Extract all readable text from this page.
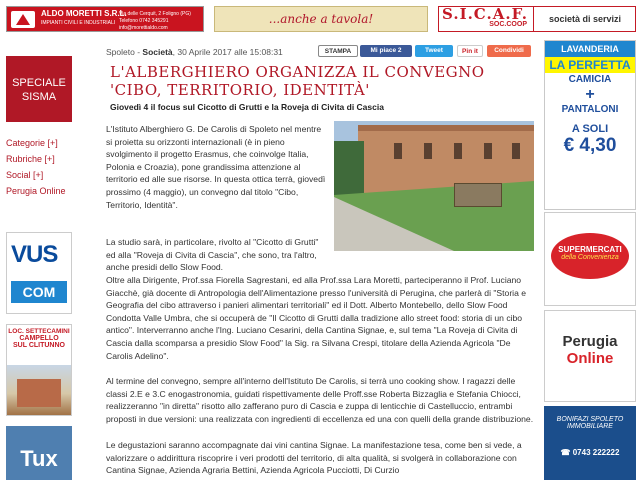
ALDO MORETTI S.R.L.
IMPIANTI CIVILI E INDUSTRIALI
Via delle Cerquit, 2 Foligno (PG)
Telefono 0742 345291
info@morettialdo.com
...anche a tavola!	S.I.C.A.F.
SOC.COOP
società di servizi
SPECIALE SISMA
Categorie [+]
Rubriche [+]
Social [+]
Perugia Online
VUS
COM
LOC. SETTECAMINI
CAMPELLO
SUL CLITUNNO
Tux
Spoleto - Società, 30 Aprile 2017 alle 15:08:31	STAMPA	Mi piace 2	Tweet	Pin it	Condividi
L'ALBERGHIERO ORGANIZZA IL CONVEGNO 'CIBO, TERRITORIO, IDENTITÀ'
Giovedì 4 il focus sul Cicotto di Grutti e la Roveja di Civita di Cascia
L'Istituto Alberghiero G. De Carolis di Spoleto nel mentre si proietta su orizzonti internazionali (è in pieno svolgimento il progetto Erasmus, che coinvolge Italia, Polonia e Croazia), pone grandissima attenzione al territorio ed alle sue risorse. In questa ottica terrà, giovedì prossimo (4 maggio), un convegno dal titolo "Cibo, Territorio, Identità".
La studio sarà, in particolare, rivolto al "Cicotto di Grutti" ed alla "Roveja di Civita di Cascia", che sono, tra l'altro, anche presidi dello Slow Food.
Oltre alla Dirigente, Prof.ssa Fiorella Sagrestani, ed alla Prof.ssa Lara Moretti, parteciperanno il Prof. Luciano Giacchè, già docente di Antropologia dell'Alimentazione presso l'università di Perugina, che parlerà di "Storia e Geografia del cibo attraverso i panieri alimentari territoriali" ed il Dott. Alberto Montebello, dello Slow Food Condotta Valle Umbra, che si occuperà de "Il Cicotto di Grutti dalla tradizione allo street food: storia di un cibo antico". Interverranno anche l'Ing. Luciano Cesarini, della Cantina Signae, e, sul tema "La Roveja di Civita di Cascia dalla scomparsa a presidio Slow Food" la Sig. ra Silvana Crespi, titolare della Azienda Agricola "De Carolis Adelino".
Al termine del convegno, sempre all'interno dell'Istituto De Carolis, si terrà uno cooking show. I ragazzi delle classi 2.E e 3.C enogastronomia, guidati rispettivamente delle Proff.sse Roberta Bizzaglia e Stefania Chiocci, realizzeranno "in diretta" risotto allo zafferano puro di Cascia e zuppa di lenticchie di Castelluccio, entrambi proposti in due versioni: una realizzata con ingredienti di eccellenza ed una con quelli della grande distribuzione.
Le degustazioni saranno accompagnate dai vini cantina Signae. La manifestazione tesa, come ben si vede, a valorizzare o addirittura riscoprire i veri prodotti del territorio, di alta qualità, si svolgerà in collaborazione con Cantina Signae, Azienda Agraria Bettini, Azienda Agricola Pucciotti, Di Curzio
LAVANDERIA
LA PERFETTA
CAMICIA
+
PANTALONI
A SOLI
€ 4,30
SUPERMERCATI
della Convenienza
Perugia
Online
BONIFAZI SPOLETO
IMMOBILIARE
☎ 0743 222222
